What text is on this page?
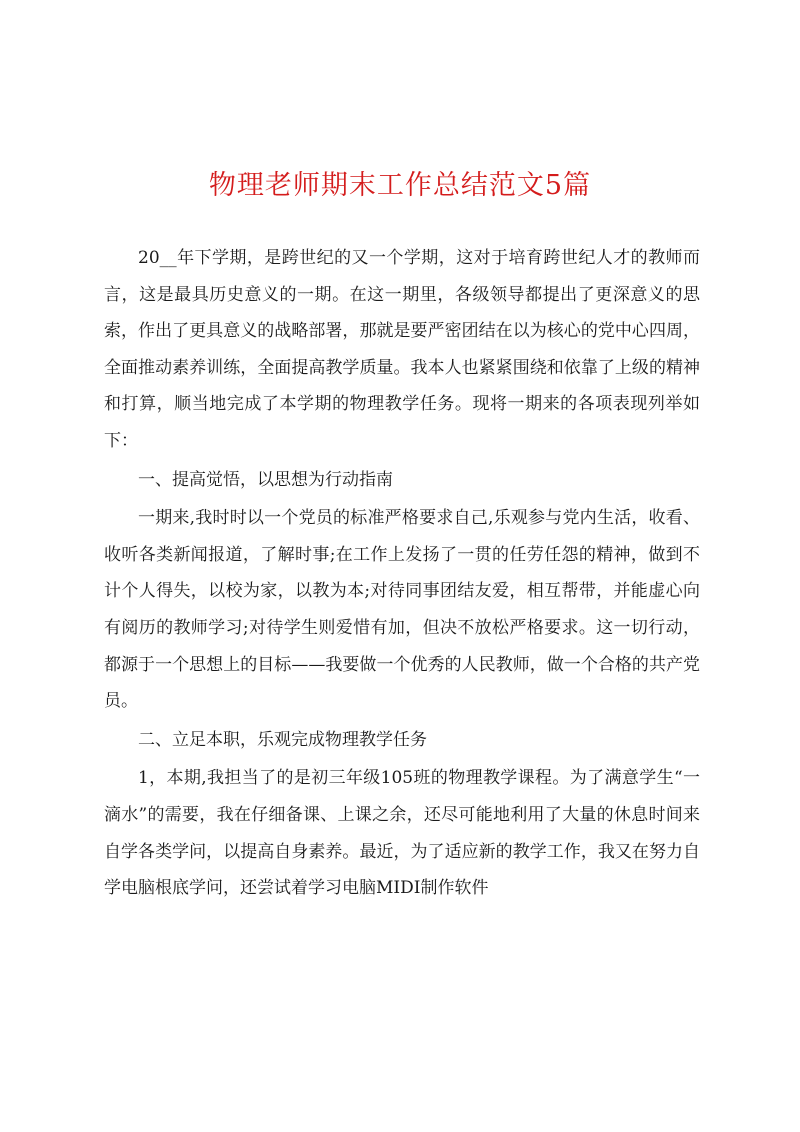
物理老师期末工作总结范文5篇

20__年下学期，是跨世纪的又一个学期，这对于培育跨世纪人才的教师而言，这是最具历史意义的一期。在这一期里，各级领导都提出了更深意义的思索，作出了更具意义的战略部署，那就是要严密团结在以为核心的党中心四周，全面推动素养训练，全面提高教学质量。我本人也紧紧围绕和依靠了上级的精神和打算，顺当地完成了本学期的物理教学任务。现将一期来的各项表现列举如下：

一、提高觉悟，以思想为行动指南

一期来,我时时以一个党员的标准严格要求自己,乐观参与党内生活，收看、收听各类新闻报道，了解时事;在工作上发扬了一贯的任劳任怨的精神，做到不计个人得失，以校为家，以教为本;对待同事团结友爱，相互帮带，并能虚心向有阅历的教师学习;对待学生则爱惜有加，但决不放松严格要求。这一切行动，都源于一个思想上的目标——我要做一个优秀的人民教师，做一个合格的共产党员。

二、立足本职，乐观完成物理教学任务

1，本期,我担当了的是初三年级105班的物理教学课程。为了满意学生“一滴水”的需要，我在仔细备课、上课之余，还尽可能地利用了大量的休息时间来自学各类学问，以提高自身素养。最近，为了适应新的教学工作，我又在努力自学电脑根底学问，还尝试着学习电脑MIDI制作软件
